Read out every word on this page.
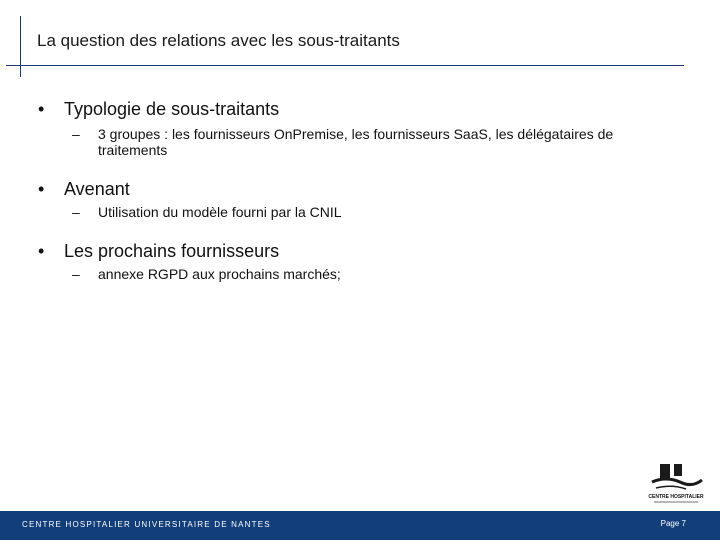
La question des relations avec les sous-traitants
• Typologie de sous-traitants
– 3 groupes : les fournisseurs OnPremise, les fournisseurs SaaS, les délégataires de traitements
• Avenant
– Utilisation du modèle fourni par la CNIL
• Les prochains fournisseurs
– annexe RGPD aux prochains marchés;
CENTRE HOSPITALIER
CENTRE HOSPITALIER UNIVERSITAIRE DE NANTES	Page 7
